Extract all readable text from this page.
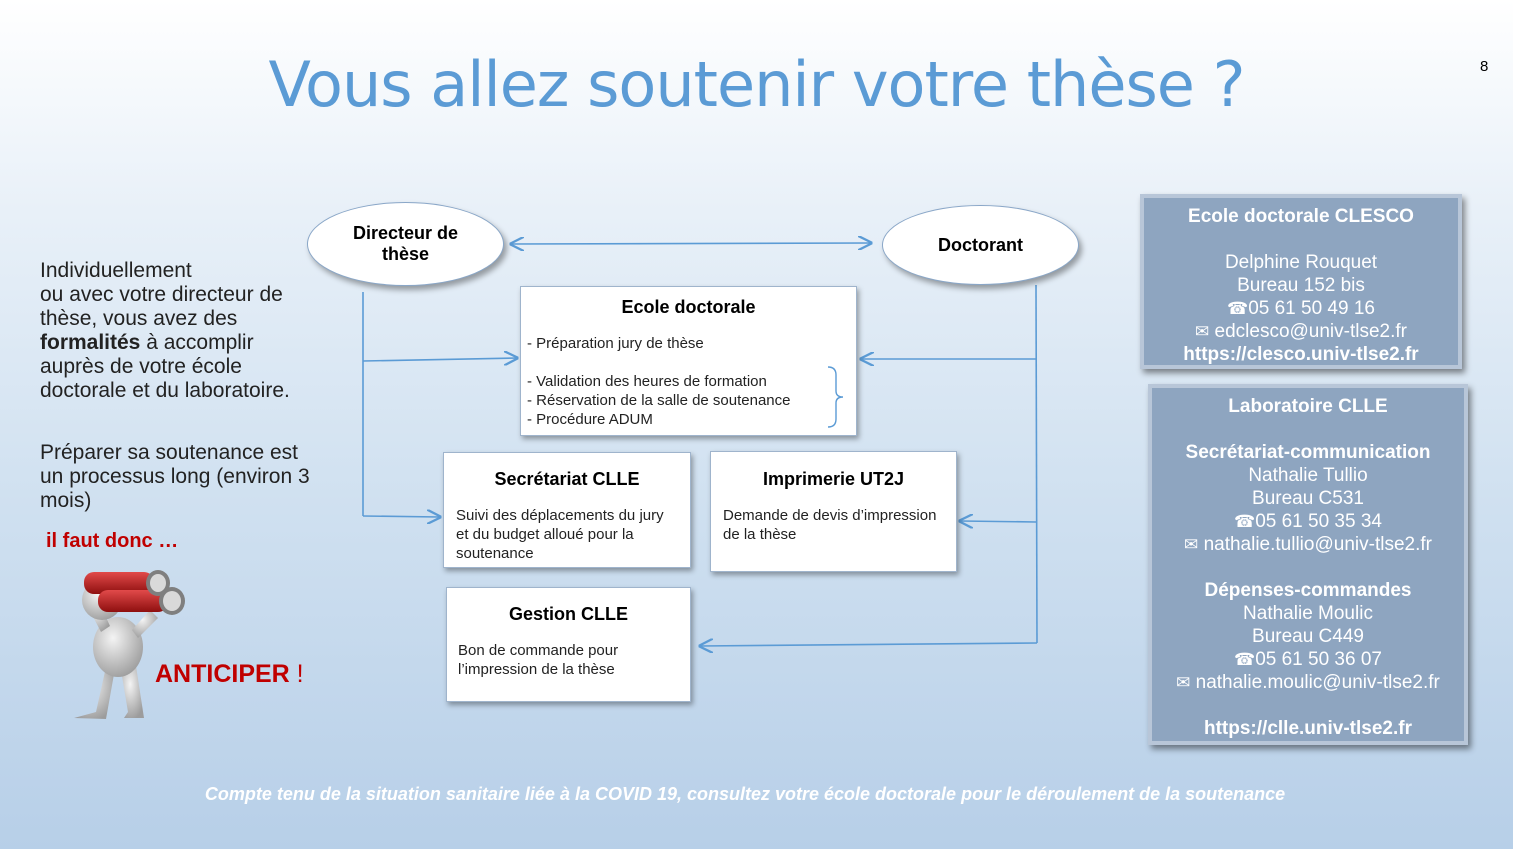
Vous allez soutenir votre thèse ?	8
Individuellement
ou avec votre directeur de thèse, vous avez des formalités à accomplir auprès de votre école doctorale et du laboratoire.
Préparer sa soutenance est un processus long (environ 3 mois)
il faut donc …
ANTICIPER !
Directeur de thèse	Doctorant
Ecole doctorale
- Préparation jury de thèse
- Validation des heures de formation
- Réservation de la salle de soutenance
- Procédure ADUM
Secrétariat CLLE
Suivi des déplacements du jury et du budget alloué pour la soutenance
Imprimerie UT2J
Demande de devis d’impression de la thèse
Gestion CLLE
Bon de commande pour l’impression de la thèse
Ecole doctorale CLESCO

Delphine Rouquet
Bureau 152 bis
☎05 61 50 49 16
✉ edclesco@univ-tlse2.fr
https://clesco.univ-tlse2.fr
Laboratoire CLLE

Secrétariat-communication
Nathalie Tullio
Bureau C531
☎05 61 50 35 34
✉ nathalie.tullio@univ-tlse2.fr

Dépenses-commandes
Nathalie Moulic
Bureau C449
☎05 61 50 36 07
✉ nathalie.moulic@univ-tlse2.fr

https://clle.univ-tlse2.fr
Compte tenu de la situation sanitaire liée à la COVID 19, consultez votre école doctorale pour le déroulement de la soutenance
